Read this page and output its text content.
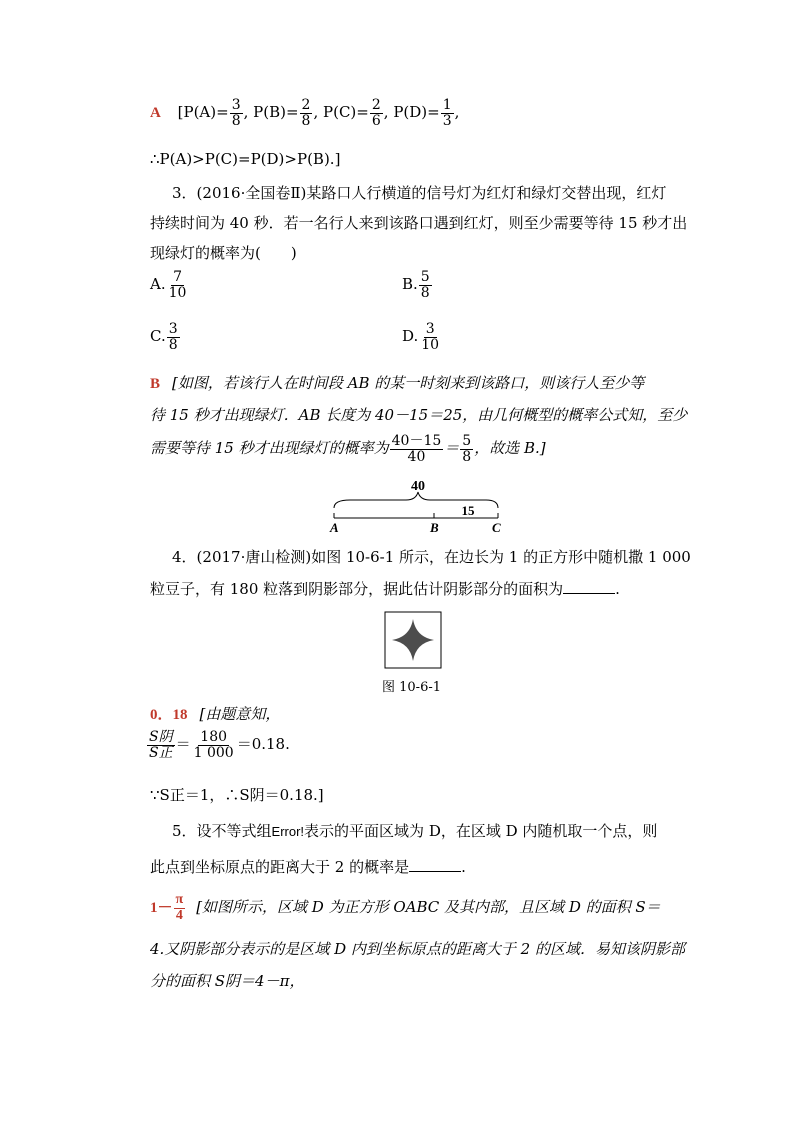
A [$P(A)= \frac{3}{8}$ , $P(B)= \frac{2}{8}$ , $P(C)= \frac{2}{6}$ , $P(D)= \frac{1}{3}$ ,
∴P(A)>P(C)=P(D)>P(B).]
3．(2016·全国卷Ⅱ)某路口人行横道的信号灯为红灯和绿灯交替出现，红灯
持续时间为 40 秒．若一名行人来到该路口遇到红灯，则至少需要等待 15 秒才出
现绿灯的概率为(　　)
A. $\frac{7}{10}$	B. $\frac{5}{8}$
C. $\frac{3}{8}$	D. $\frac{3}{10}$
B [如图，若该行人在时间段 AB 的某一时刻来到该路口，则该行人至少等
待 15 秒才出现绿灯．AB 长度为 40－15＝25，由几何概型的概率公式知，至少
需要等待 15 秒才出现绿灯的概率为 $\frac{40-15}{40} = \frac{5}{8}$ ，故选 B.]
40
15
A	B	C
4．(2017·唐山检测)如图 10-6-1 所示，在边长为 1 的正方形中随机撒 1 000
粒豆子，有 180 粒落到阴影部分，据此估计阴影部分的面积为	.
图 10-6-1
0．18 [由题意知，
$\frac{\text{S阴}}{\text{S正}} = \frac{180}{1 000} =0.18$.
∵S正＝1，∴S阴＝0.18.]
5．设不等式组Error!表示的平面区域为 D，在区域 D 内随机取一个点，则
此点到坐标原点的距离大于 2 的概率是	.
$1- \frac{\pi}{4}$ [如图所示，区域 D 为正方形 OABC 及其内部，且区域 D 的面积 S＝
4.又阴影部分表示的是区域 D 内到坐标原点的距离大于 2 的区域．易知该阴影部
分的面积 S阴＝4－π，
